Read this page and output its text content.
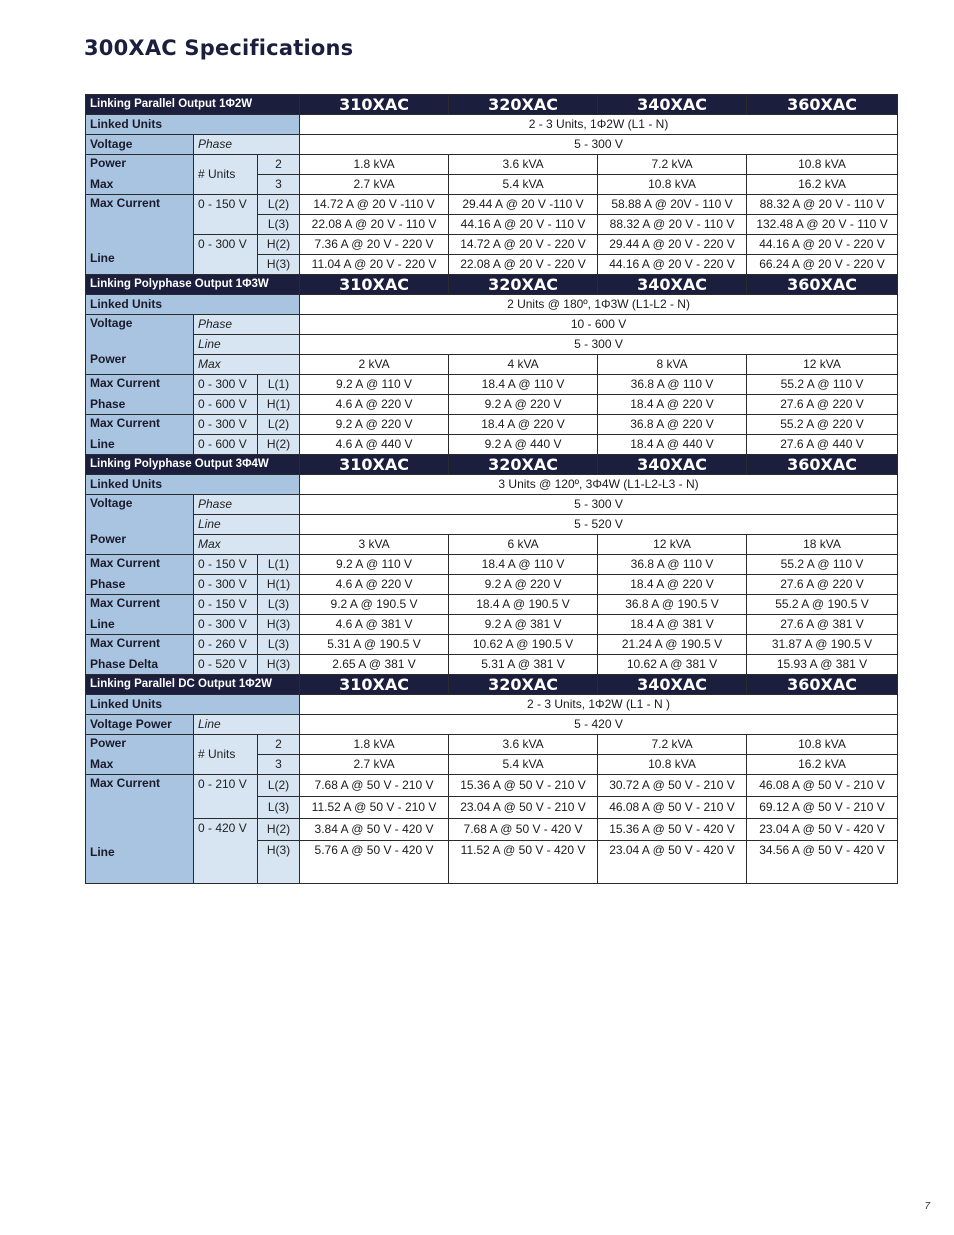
300XAC Specifications
Linking Parallel Output 1Φ2W			310XAC	320XAC	340XAC	360XAC
Linked Units			2 - 3 Units, 1Φ2W (L1 - N)			
Voltage	Phase		5 - 300 V			

Power
Max	# Units	2	1.8 kVA	3.6 kVA	7.2 kVA	10.8 kVA
		3	2.7 kVA	5.4 kVA	10.8 kVA	16.2 kVA

Max Current
Line	0 - 150 V	L(2)	14.72 A @ 20 V -110 V	29.44 A @ 20 V -110 V	58.88 A @ 20V - 110 V	88.32 A @ 20 V - 110 V
		L(3)	22.08 A @ 20 V - 110 V	44.16 A @ 20 V - 110 V	88.32 A @ 20 V - 110 V	132.48 A @ 20 V - 110 V
	0 - 300 V	H(2)	7.36 A @ 20 V - 220 V	14.72 A @ 20 V - 220 V	29.44 A @ 20 V - 220 V	44.16 A @ 20 V - 220 V
		H(3)	11.04 A @ 20 V - 220 V	22.08 A @ 20 V - 220 V	44.16 A @ 20 V - 220 V	66.24 A @ 20 V - 220 V
Linking Polyphase Output 1Φ3W			310XAC	320XAC	340XAC	360XAC
Linked Units			2 Units @ 180º, 1Φ3W (L1-L2 - N)			

Voltage
Power	Phase		10 - 600 V			
	Line		5 - 300 V			
	Max		2 kVA	4 kVA	8 kVA	12 kVA

Max Current
Phase	0 - 300 V	L(1)	9.2 A @ 110 V	18.4 A @ 110 V	36.8 A @ 110 V	55.2 A @ 110 V
	0 - 600 V	H(1)	4.6 A @ 220 V	9.2 A @ 220 V	18.4 A @ 220 V	27.6 A @ 220 V

Max Current
Line	0 - 300 V	L(2)	9.2 A @ 220 V	18.4 A @ 220 V	36.8 A @ 220 V	55.2 A @ 220 V
	0 - 600 V	H(2)	4.6 A @ 440 V	9.2 A @ 440 V	18.4 A @ 440 V	27.6 A @ 440 V
Linking Polyphase Output 3Φ4W			310XAC	320XAC	340XAC	360XAC
Linked Units			3 Units @ 120º, 3Φ4W (L1-L2-L3 - N)			

Voltage
Power	Phase		5 - 300 V			
	Line		5 - 520 V			
	Max		3 kVA	6 kVA	12 kVA	18 kVA

Max Current
Phase	0 - 150 V	L(1)	9.2 A @ 110 V	18.4 A @ 110 V	36.8 A @ 110 V	55.2 A @ 110 V
	0 - 300 V	H(1)	4.6 A @ 220 V	9.2 A @ 220 V	18.4 A @ 220 V	27.6 A @ 220 V

Max Current
Line	0 - 150 V	L(3)	9.2 A @ 190.5 V	18.4 A @ 190.5 V	36.8 A @ 190.5 V	55.2 A @ 190.5 V
	0 - 300 V	H(3)	4.6 A @ 381 V	9.2 A @ 381 V	18.4 A @ 381 V	27.6 A @ 381 V

Max Current
Phase Delta	0 - 260 V	L(3)	5.31 A @ 190.5 V	10.62 A @ 190.5 V	21.24 A @ 190.5 V	31.87 A @ 190.5 V
	0 - 520 V	H(3)	2.65 A @ 381 V	5.31 A @ 381 V	10.62 A @ 381 V	15.93 A @ 381 V
Linking Parallel DC Output 1Φ2W			310XAC	320XAC	340XAC	360XAC
Linked Units			2 - 3 Units, 1Φ2W (L1 - N )			
Voltage Power	Line		5 - 420 V			

Power
Max	# Units	2	1.8 kVA	3.6 kVA	7.2 kVA	10.8 kVA
		3	2.7 kVA	5.4 kVA	10.8 kVA	16.2 kVA

Max Current
Line	0 - 210 V	L(2)	7.68 A @ 50 V - 210 V	15.36 A @ 50 V - 210 V	30.72 A @ 50 V - 210 V	46.08 A @ 50 V - 210 V
		L(3)	11.52 A @ 50 V - 210 V	23.04 A @ 50 V - 210 V	46.08 A @ 50 V - 210 V	69.12 A @ 50 V - 210 V
	0 - 420 V	H(2)	3.84 A @ 50 V - 420 V	7.68 A @ 50 V - 420 V	15.36 A @ 50 V - 420 V	23.04 A @ 50 V - 420 V
		H(3)	5.76 A @ 50 V - 420 V	11.52 A @ 50 V - 420 V	23.04 A @ 50 V - 420 V	34.56 A @ 50 V - 420 V
7
